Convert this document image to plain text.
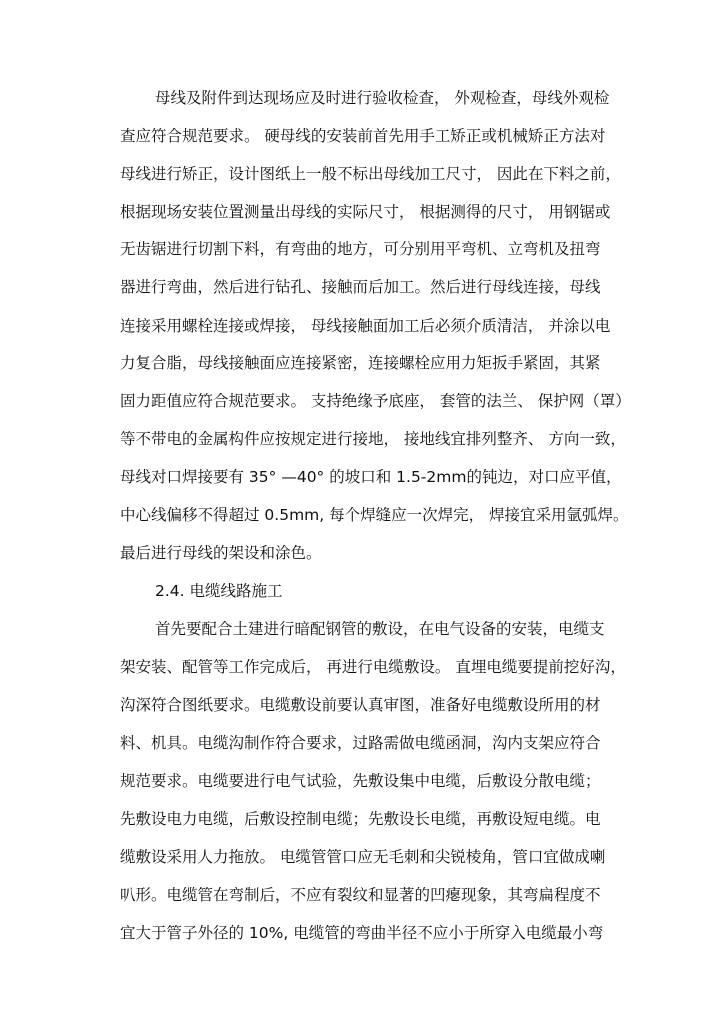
母线及附件到达现场应及时进行验收检查， 外观检查，母线外观检
查应符合规范要求。 硬母线的安装前首先用手工矫正或机械矫正方法对
母线进行矫正，设计图纸上一般不标出母线加工尺寸， 因此在下料之前，
根据现场安装位置测量出母线的实际尺寸， 根据测得的尺寸， 用钢锯或
无齿锯进行切割下料，有弯曲的地方，可分别用平弯机、立弯机及扭弯
器进行弯曲，然后进行钻孔、接触而后加工。然后进行母线连接，母线
连接采用螺栓连接或焊接， 母线接触面加工后必须介质清洁， 并涂以电
力复合脂，母线接触面应连接紧密，连接螺栓应用力矩扳手紧固，其紧
固力距值应符合规范要求。 支持绝缘予底座， 套管的法兰、 保护网（罩）
等不带电的金属构件应按规定进行接地， 接地线宜排列整齐、 方向一致，
母线对口焊接要有 35° —40° 的坡口和 1.5-2mm的钝边，对口应平值，
中心线偏移不得超过 0.5mm, 每个焊缝应一次焊完， 焊接宜采用氩弧焊。
最后进行母线的架设和涂色。
2.4. 电缆线路施工
首先要配合土建进行暗配钢管的敷设，在电气设备的安装，电缆支
架安装、配管等工作完成后， 再进行电缆敷设。 直埋电缆要提前挖好沟，
沟深符合图纸要求。电缆敷设前要认真审图，准备好电缆敷设所用的材
料、机具。电缆沟制作符合要求，过路需做电缆函洞，沟内支架应符合
规范要求。电缆要进行电气试验，先敷设集中电缆，后敷设分散电缆；
先敷设电力电缆，后敷设控制电缆；先敷设长电缆，再敷设短电缆。电
缆敷设采用人力拖放。 电缆管管口应无毛刺和尖锐棱角，管口宜做成喇
叭形。电缆管在弯制后，不应有裂纹和显著的凹瘪现象，其弯扁程度不
宜大于管子外径的 10%, 电缆管的弯曲半径不应小于所穿入电缆最小弯
